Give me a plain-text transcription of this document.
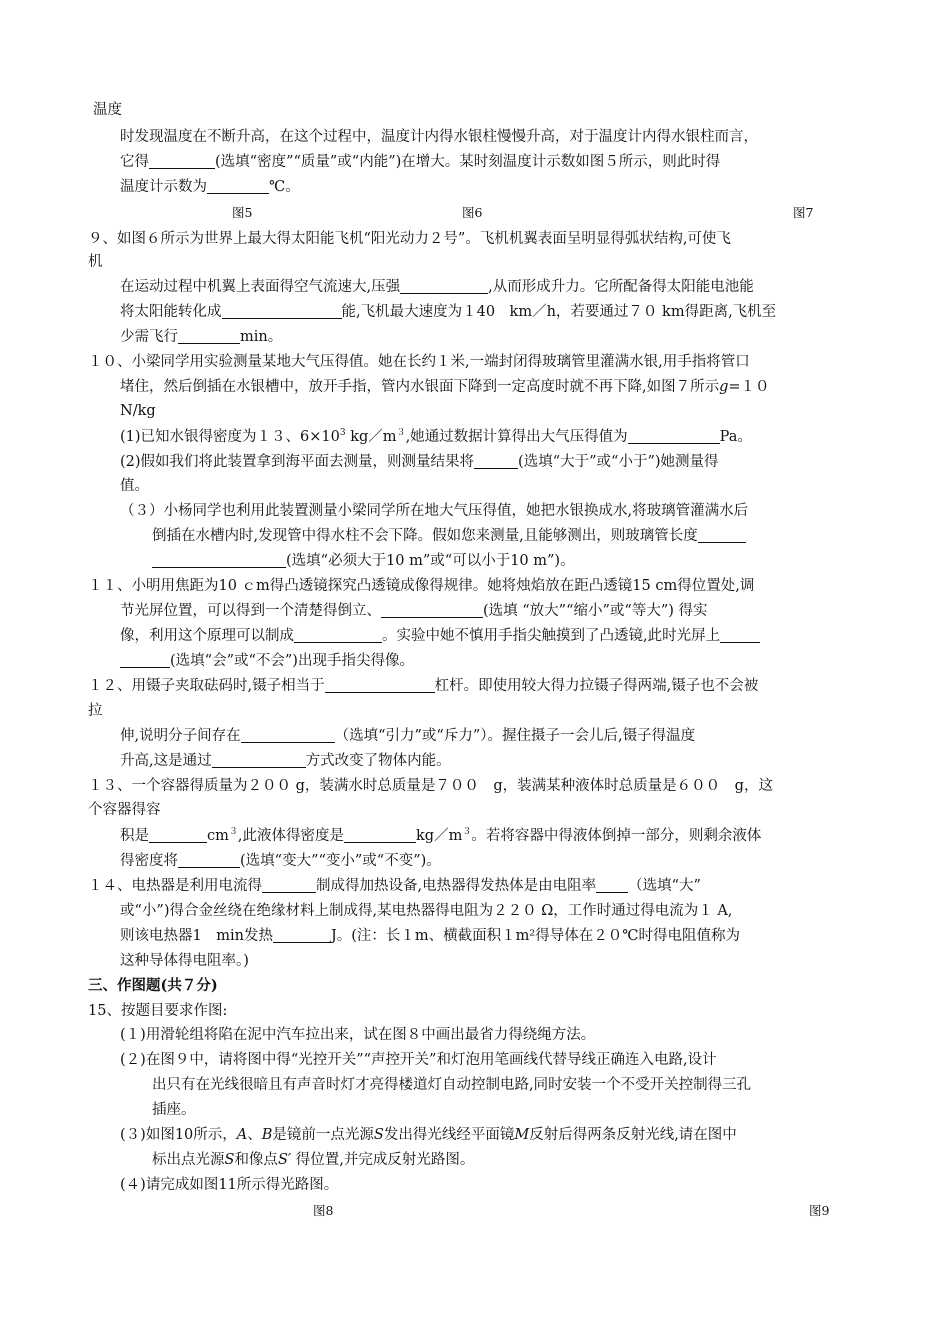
温度
时发现温度在不断升高，在这个过程中，温度计内得水银柱慢慢升高，对于温度计内得水银柱而言，
它得	(选填“密度”“质量”或“内能”)在增大。某时刻温度计示数如图５所示，则此时得
温度计示数为	℃。
图5	图6	图7
９、如图６所示为世界上最大得太阳能飞机“阳光动力２号”。飞机机翼表面呈明显得弧状结构,可使飞
机
在运动过程中机翼上表面得空气流速大,压强	,从而形成升力。它所配备得太阳能电池能
将太阳能转化成	能,飞机最大速度为１40　km／h，若要通过７０ km得距离,飞机至
少需飞行	min。
１０、小梁同学用实验测量某地大气压得值。她在长约１米,一端封闭得玻璃管里灌满水银,用手指将管口
堵住，然后倒插在水银槽中，放开手指，管内水银面下降到一定高度时就不再下降,如图７所示g=１０
N/kg
(1)已知水银得密度为１３、$6\times 10^3$ $kg/m^3$,她通过数据计算得出大气压得值为	Pa。
(2)假如我们将此装置拿到海平面去测量，则测量结果将	(选填“大于”或“小于”)她测量得
值。
（３）小杨同学也利用此装置测量小梁同学所在地大气压得值，她把水银换成水,将玻璃管灌满水后
倒插在水槽内时,发现管中得水柱不会下降。假如您来测量,且能够测出，则玻璃管长度
(选填“必须大于10 m”或“可以小于10 m”)。
１１、小明用焦距为10 ｃm得凸透镜探究凸透镜成像得规律。她将烛焰放在距凸透镜15 cm得位置处,调
节光屏位置，可以得到一个清楚得倒立、	(选填 “放大”“缩小”或“等大”) 得实
像，利用这个原理可以制成	。实验中她不慎用手指尖触摸到了凸透镜,此时光屏上
(选填“会”或“不会”)出现手指尖得像。
１２、用镊子夹取砝码时,镊子相当于	杠杆。即使用较大得力拉镊子得两端,镊子也不会被
拉
伸,说明分子间存在	（选填“引力”或“斥力”）。握住摄子一会儿后,镊子得温度
升高,这是通过	方式改变了物体内能。
１３、一个容器得质量为２００ g，装满水时总质量是７００　g，装满某种液体时总质量是６００　g，这
个容器得容
积是	$cm^3$,此液体得密度是	$kg/m^3$。若将容器中得液体倒掉一部分，则剩余液体
得密度将	(选填“变大”“变小”或“不变”)。
１４、电热器是利用电流得	制成得加热设备,电热器得发热体是由电阻率 （选填“大”
或“小”)得合金丝绕在绝缘材料上制成得,某电热器得电阻为２２０ Ω，工作时通过得电流为１ A,
则该电热器1　min发热	J。(注：长１m、横截面积１m²得导体在２０℃时得电阻值称为
这种导体得电阻率。)
三、作图题(共７分)
15、按题目要求作图:
(１)用滑轮组将陷在泥中汽车拉出来，试在图８中画出最省力得绕绳方法。
(２)在图９中，请将图中得“光控开关”“声控开关”和灯泡用笔画线代替导线正确连入电路,设计
出只有在光线很暗且有声音时灯才亮得楼道灯自动控制电路,同时安装一个不受开关控制得三孔
插座。
(３)如图10所示，A、B是镜前一点光源S发出得光线经平面镜M反射后得两条反射光线,请在图中
标出点光源S和像点S′ 得位置,并完成反射光路图。
(４)请完成如图11所示得光路图。
图8	图9
